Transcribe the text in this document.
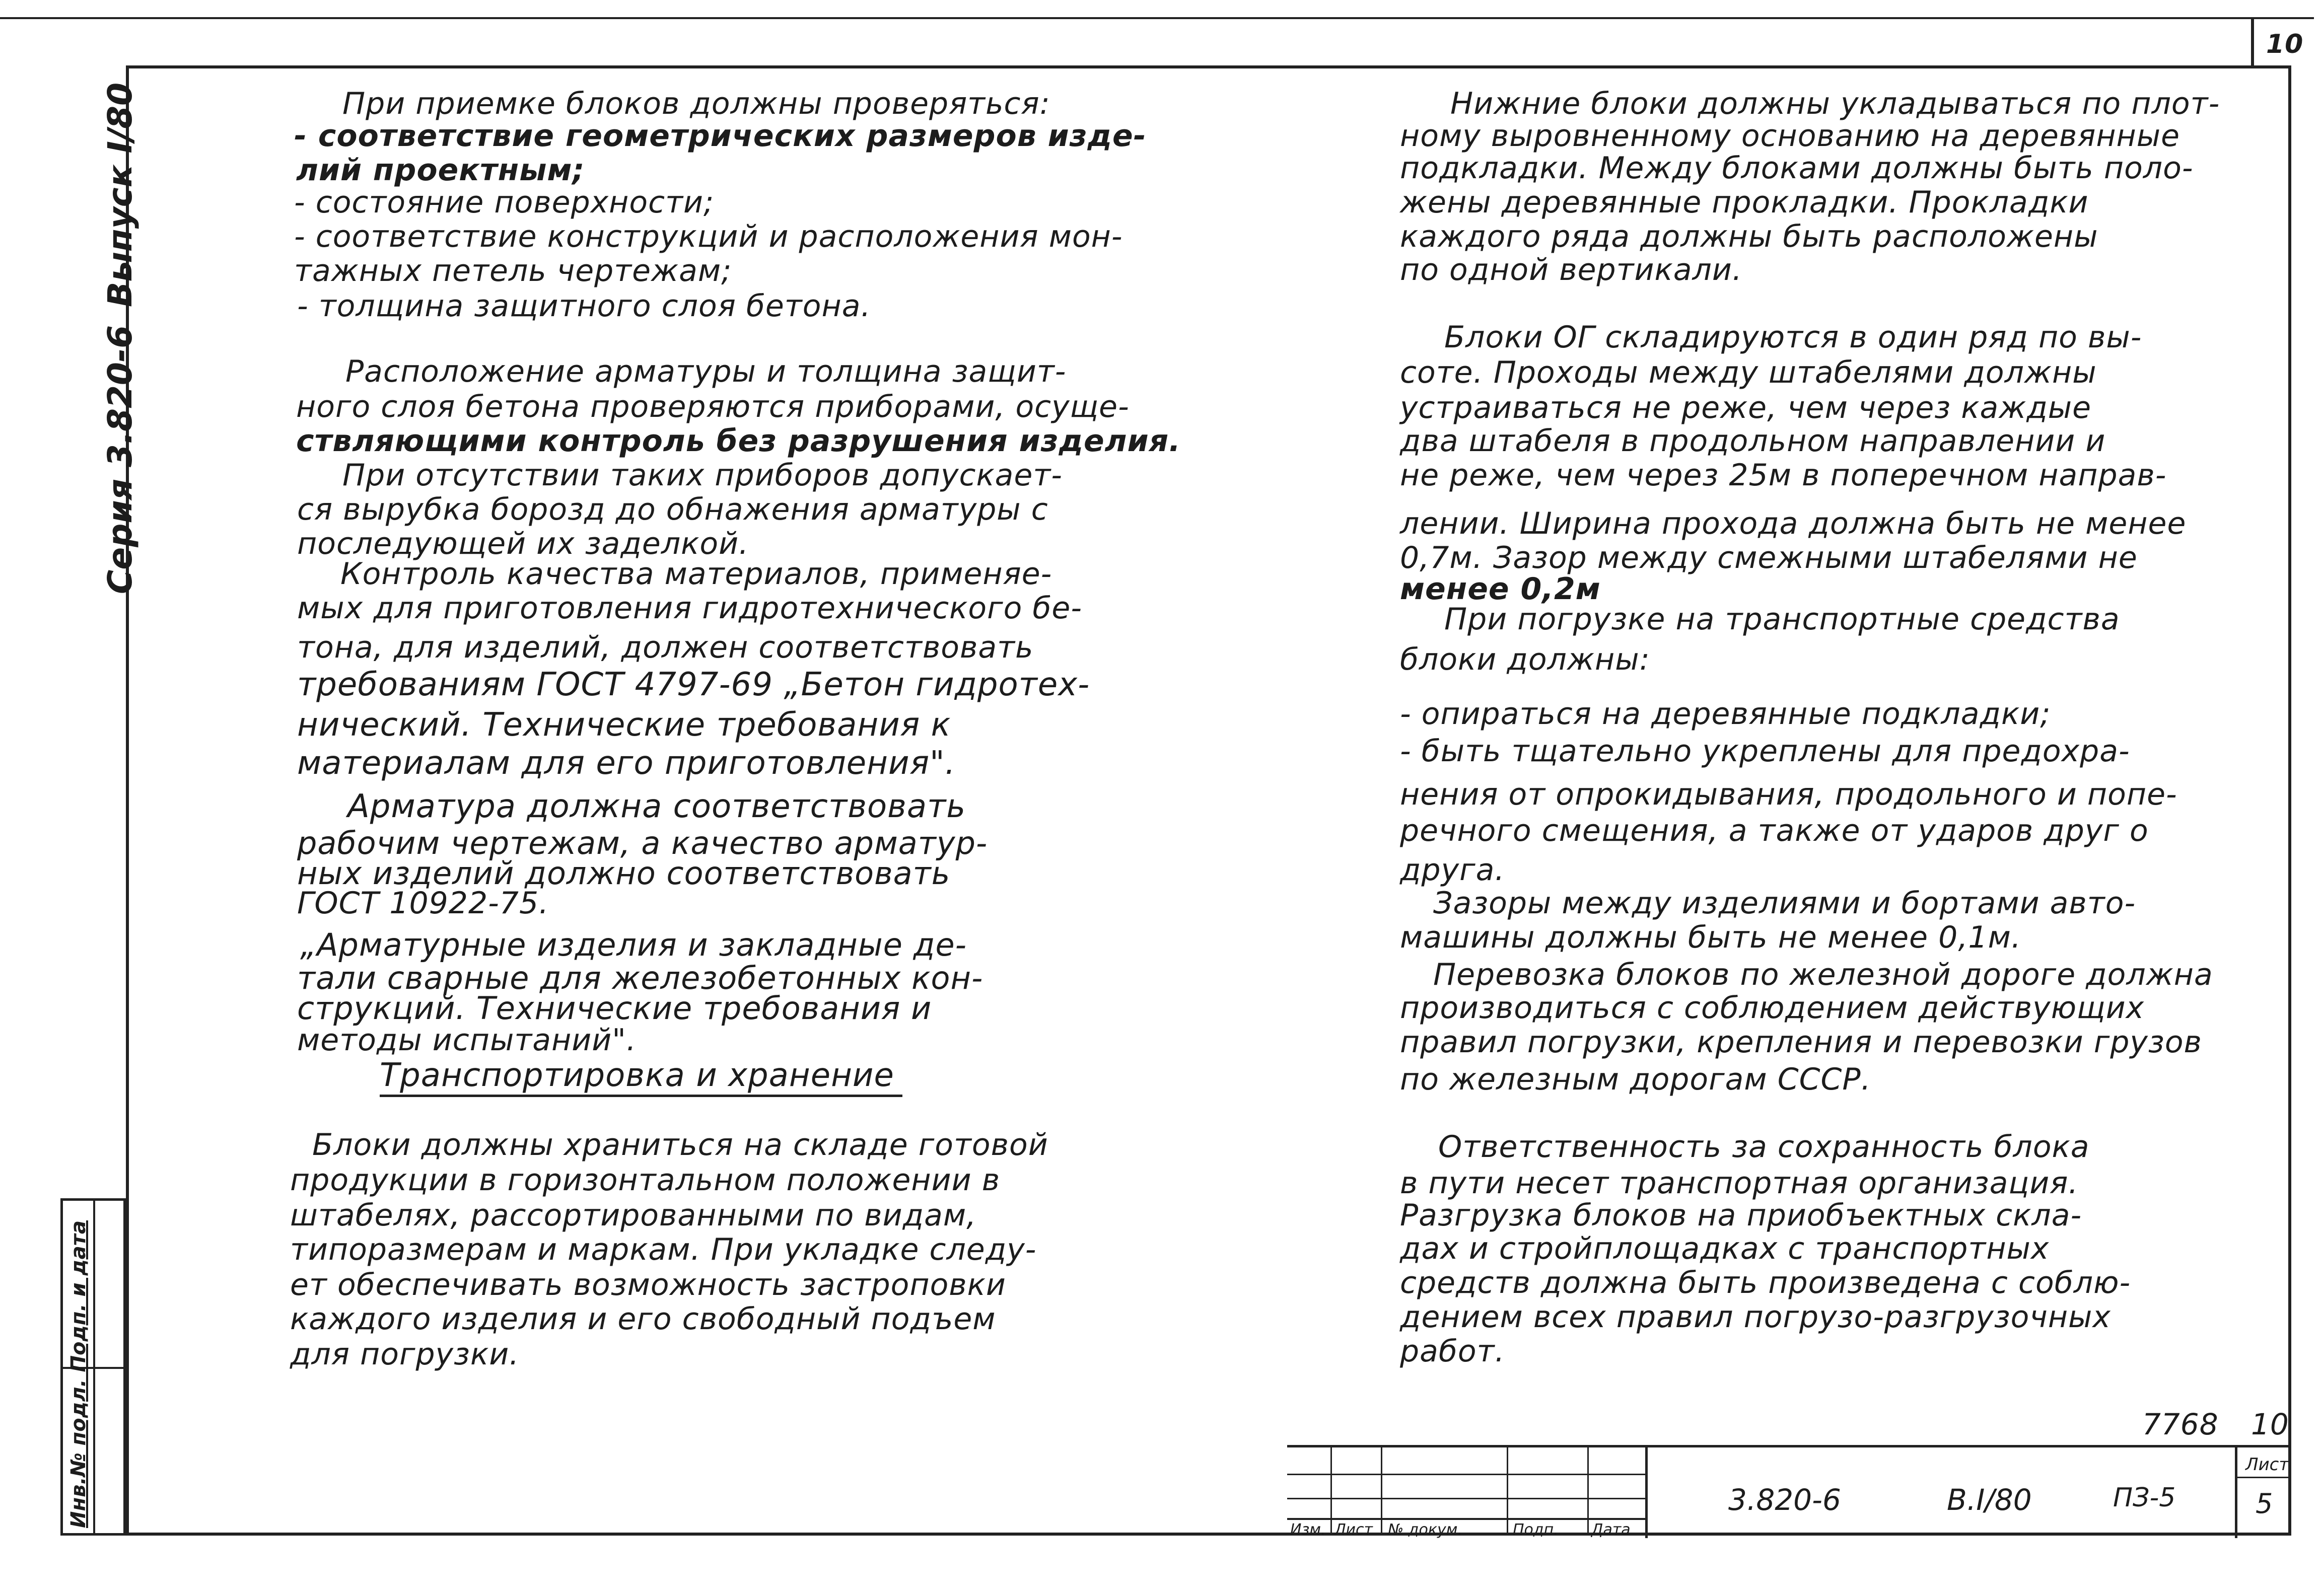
10
Серия 3.820-6
Выпуск I/80
Инв.№ подл. Подп. и дата
При приемке блоков должны проверяться:
- соответствие геометрических размеров изде-
лий проектным;
- состояние поверхности;
- соответствие конструкций и расположения мон-
тажных петель чертежам;
- толщина защитного слоя бетона.
Расположение арматуры и толщина защит-
ного слоя бетона проверяются приборами, осуще-
ствляющими контроль без разрушения изделия.
При отсутствии таких приборов допускает-
ся вырубка борозд до обнажения арматуры с
последующей их заделкой.
Контроль качества материалов, применяе-
мых для приготовления гидротехнического бе-
тона, для изделий, должен соответствовать
требованиям ГОСТ 4797-69 „Бетон гидротех-
нический. Технические требования к
материалам для его приготовления".
Арматура должна соответствовать
рабочим чертежам, а качество арматур-
ных изделий должно соответствовать
ГОСТ 10922-75.
„Арматурные изделия и закладные де-
тали сварные для железобетонных кон-
струкций. Технические требования и
методы испытаний".
Транспортировка и хранение
Блоки должны храниться на складе готовой
продукции в горизонтальном положении в
штабелях, рассортированными по видам,
типоразмерам и маркам. При укладке следу-
ет обеспечивать возможность застроповки
каждого изделия и его свободный подъем
для погрузки.
Нижние блоки должны укладываться по плот-
ному выровненному основанию на деревянные
подкладки. Между блоками должны быть поло-
жены деревянные прокладки. Прокладки
каждого ряда должны быть расположены
по одной вертикали.
Блоки ОГ складируются в один ряд по вы-
соте. Проходы между штабелями должны
устраиваться не реже, чем через каждые
два штабеля в продольном направлении и
не реже, чем через 25м в поперечном направ-
лении. Ширина прохода должна быть не менее
0,7м. Зазор между смежными штабелями не
менее 0,2м
При погрузке на транспортные средства
блоки должны:
- опираться на деревянные подкладки;
- быть тщательно укреплены для предохра-
нения от опрокидывания, продольного и попе-
речного смещения, а также от ударов друг о
друга.
Зазоры между изделиями и бортами авто-
машины должны быть не менее 0,1м.
Перевозка блоков по железной дороге должна
производиться с соблюдением действующих
правил погрузки, крепления и перевозки грузов
по железным дорогам СССР.
Ответственность за сохранность блока
в пути несет транспортная организация.
Разгрузка блоков на приобъектных скла-
дах и стройплощадках с транспортных
средств должна быть произведена с соблю-
дением всех правил погрузо-разгрузочных
работ.
7768 10
Изм. Лист № докум.	Подп. Дата
3.820-6	В.I/80	ПЗ-5
Лист
5
